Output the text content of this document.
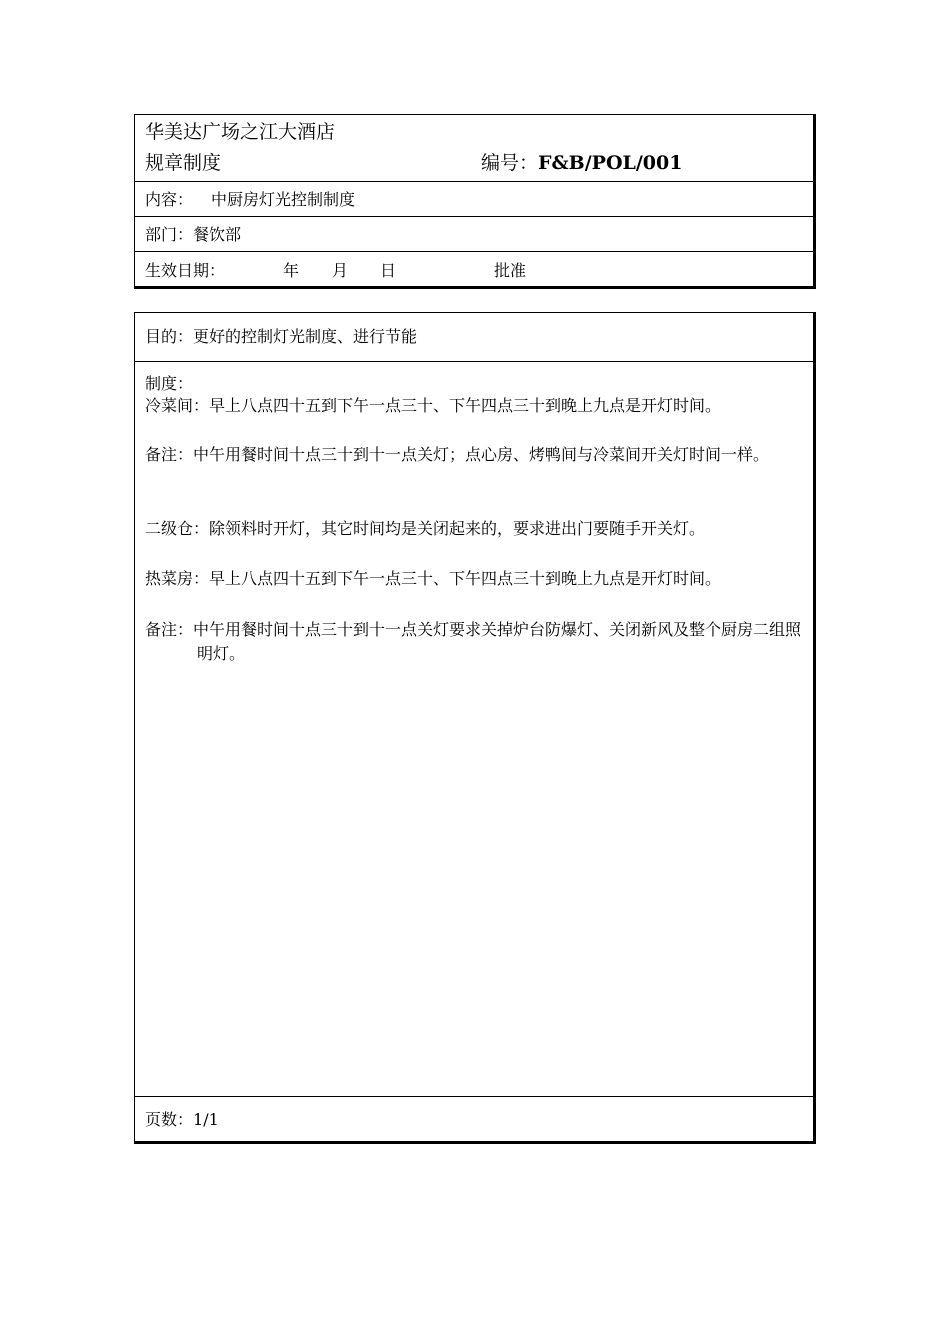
华美达广场之江大酒店
规章制度	编号：F&B/POL/001
内容： 中厨房灯光控制制度
部门： 餐饮部
生效日期：	年 月 日	批准
目的：更好的控制灯光制度、进行节能
制度：
冷菜间：早上八点四十五到下午一点三十、下午四点三十到晚上九点是开灯时间。
备注：中午用餐时间十点三十到十一点关灯；点心房、烤鸭间与冷菜间开关灯时间一样。
二级仓：除领料时开灯，其它时间均是关闭起来的，要求进出门要随手开关灯。
热菜房：早上八点四十五到下午一点三十、下午四点三十到晚上九点是开灯时间。
备注：中午用餐时间十点三十到十一点关灯要求关掉炉台防爆灯、关闭新风及整个厨房二组照明灯。
页数：1/1
